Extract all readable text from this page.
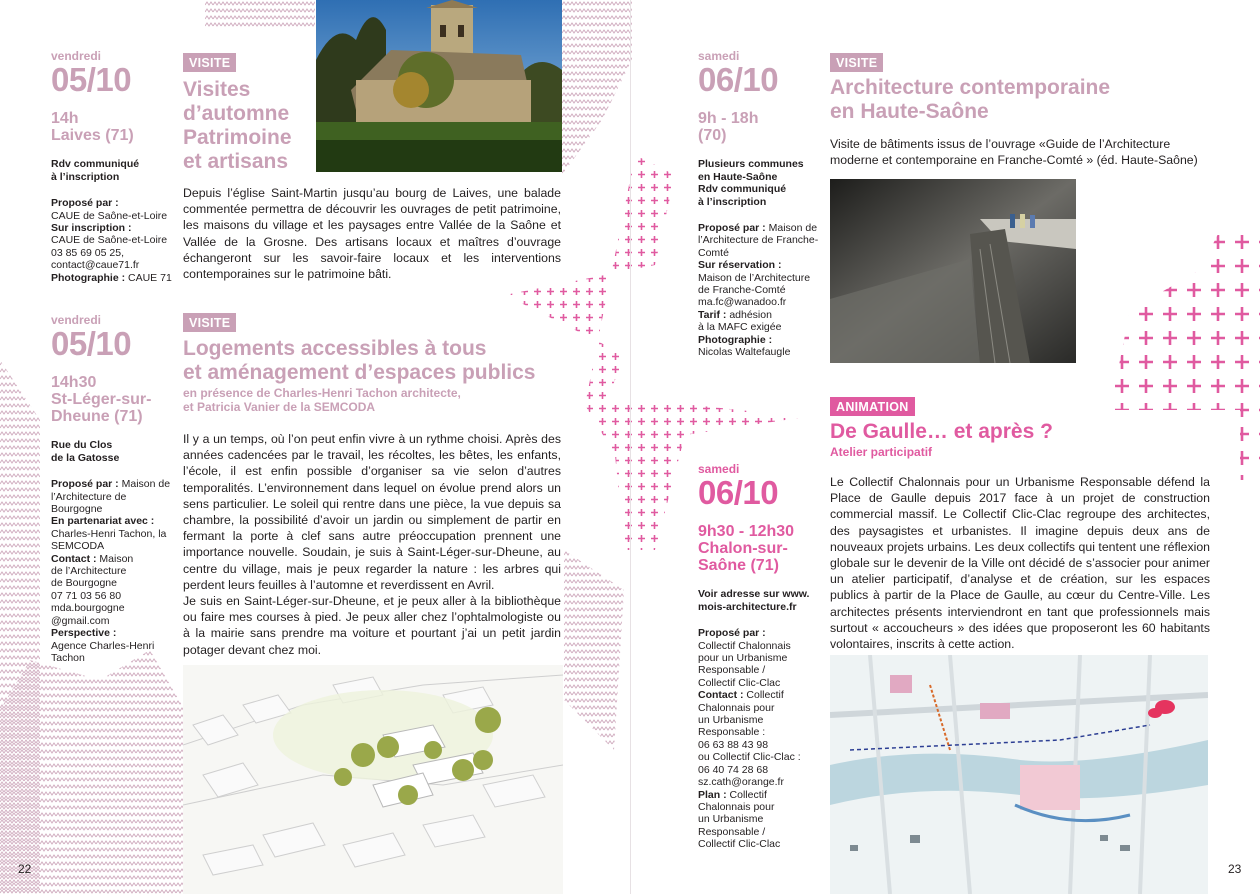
vendredi
05/10
14h
Laives (71)
Rdv communiqué
à l’inscription
Proposé par :
CAUE de Saône-et-Loire
Sur inscription :
CAUE de Saône-et-Loire
03 85 69 05 25,
contact@caue71.fr
Photographie : CAUE 71
VISITE
Visites
d’automne
Patrimoine
et artisans
Depuis l’église Saint-Martin jusqu’au bourg de Laives, une balade commentée permettra de découvrir les ouvrages de petit patrimoine, les maisons du village et les paysages entre Vallée de la Saône et Vallée de la Grosne. Des artisans locaux et maîtres d’ouvrage échangeront sur les savoir-faire locaux et les interventions contemporaines sur le patrimoine bâti.
vendredi
05/10
14h30
St-Léger-sur-
Dheune (71)
Rue du Clos
de la Gatosse
Proposé par : Maison de l’Architecture de Bourgogne
En partenariat avec :
Charles-Henri Tachon, la SEMCODA
Contact : Maison
de l’Architecture
de Bourgogne
07 71 03 56 80
mda.bourgogne
@gmail.com
Perspective :
Agence Charles-Henri
Tachon
VISITE
Logements accessibles à tous
et aménagement d’espaces publics
en présence de Charles-Henri Tachon architecte,
et Patricia Vanier de la SEMCODA
Il y a un temps, où l’on peut enfin vivre à un rythme choisi. Après des années cadencées par le travail, les récoltes, les bêtes, les enfants, l’école, il est enfin possible d’organiser sa vie selon d’autres temporalités. L’environnement dans lequel on évolue prend alors un sens particulier. Le soleil qui rentre dans une pièce, la vue depuis sa chambre, la possibilité d’avoir un jardin ou simplement de partir en fermant la porte à clef sans autre préoccupation prennent une importance nouvelle. Soudain, je suis à Saint-Léger-sur-Dheune, au centre du village, mais je peux regarder la nature : les arbres qui perdent leurs feuilles à l’automne et reverdissent en Avril.
Je suis en Saint-Léger-sur-Dheune, et je peux aller à la bibliothèque ou faire mes courses à pied. Je peux aller chez l’ophtalmologiste ou à la mairie sans prendre ma voiture et pourtant j’ai un petit jardin potager devant chez moi.
22
samedi
06/10
9h - 18h
(70)
Plusieurs communes
en Haute-Saône
Rdv communiqué
à l’inscription
Proposé par : Maison de l’Architecture de Franche-Comté
Sur réservation :
Maison de l’Architecture
de Franche-Comté
ma.fc@wanadoo.fr
Tarif : adhésion
à la MAFC exigée
Photographie :
Nicolas Waltefaugle
VISITE
Architecture contemporaine
en Haute-Saône
Visite de bâtiments issus de l’ouvrage «Guide de l’Architecture moderne et contemporaine en Franche-Comté » (éd. Haute-Saône)
samedi
06/10
9h30 - 12h30
Chalon-sur-
Saône (71)
Voir adresse sur www.
mois-architecture.fr
Proposé par :
Collectif Chalonnais
pour un Urbanisme
Responsable /
Collectif Clic-Clac
Contact : Collectif
Chalonnais pour
un Urbanisme
Responsable :
06 63 88 43 98
ou Collectif Clic-Clac :
06 40 74 28 68
sz.cath@orange.fr
Plan : Collectif
Chalonnais pour
un Urbanisme
Responsable /
Collectif Clic-Clac
ANIMATION
De Gaulle… et après ?
Atelier participatif
Le Collectif Chalonnais pour un Urbanisme Responsable défend la Place de Gaulle depuis 2017 face à un projet de construction commercial massif. Le Collectif Clic-Clac regroupe des architectes, des paysagistes et urbanistes. Il imagine depuis deux ans de nouveaux projets urbains. Les deux collectifs qui tentent une réflexion globale sur le devenir de la Ville ont décidé de s’associer pour animer un atelier participatif, d’analyse et de création, sur les espaces publics à partir de la Place de Gaulle, au cœur du Centre-Ville. Les architectes présents interviendront en tant que professionnels mais surtout « accoucheurs » des idées que proposeront les 60 habitants volontaires, inscrits à cette action.
23
